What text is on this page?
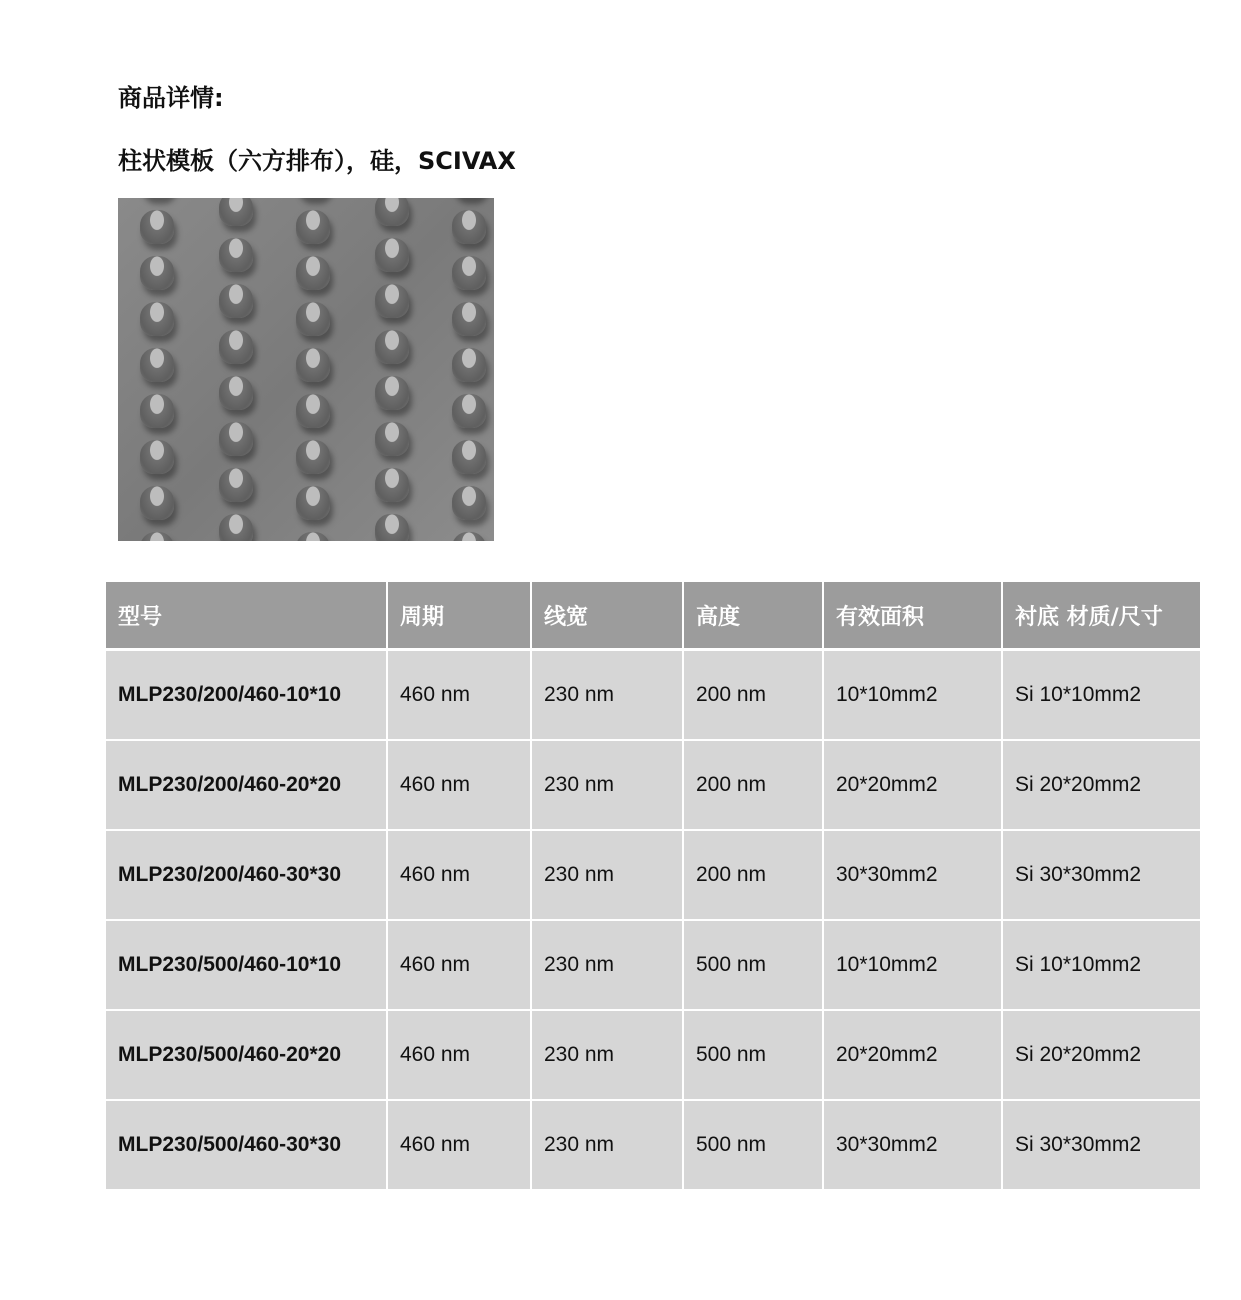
商品详情:
柱状模板（六方排布），硅，SCIVAX
型号	周期	线宽	高度	有效面积	衬底 材质/尺寸
MLP230/200/460-10*10	460 nm	230 nm	200 nm	10*10mm2	Si 10*10mm2
MLP230/200/460-20*20	460 nm	230 nm	200 nm	20*20mm2	Si 20*20mm2
MLP230/200/460-30*30	460 nm	230 nm	200 nm	30*30mm2	Si 30*30mm2
MLP230/500/460-10*10	460 nm	230 nm	500 nm	10*10mm2	Si 10*10mm2
MLP230/500/460-20*20	460 nm	230 nm	500 nm	20*20mm2	Si 20*20mm2
MLP230/500/460-30*30	460 nm	230 nm	500 nm	30*30mm2	Si 30*30mm2
